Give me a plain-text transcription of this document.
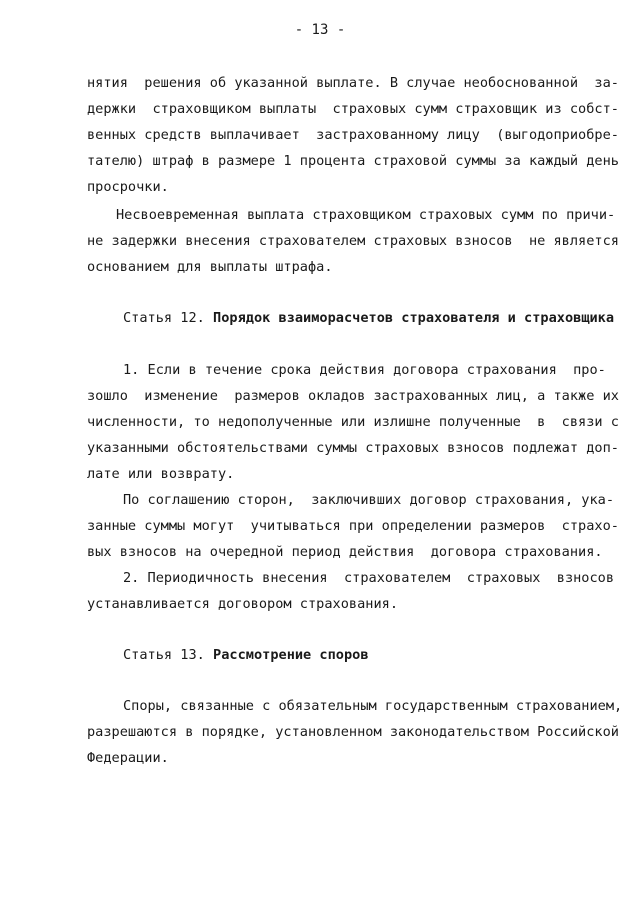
- 13 -
нятия  решения об указанной выплате. В случае необоснованной  за-
держки  страховщиком выплаты  страховых сумм страховщик из собст-
венных средств выплачивает  застрахованному лицу  (выгодоприобре-
тателю) штраф в размере 1 процента страховой суммы за каждый день
просрочки.
Несвоевременная выплата страховщиком страховых сумм по причи-
не задержки внесения страхователем страховых взносов  не является
основанием для выплаты штрафа.
Статья 12. Порядок взаиморасчетов страхователя и страховщика
1. Если в течение срока действия договора страхования  про-
зошло  изменение  размеров окладов застрахованных лиц, а также их
численности, то недополученные или излишне полученные  в  связи с
указанными обстоятельствами суммы страховых взносов подлежат доп-
лате или возврату.
По соглашению сторон,  заключивших договор страхования, ука-
занные суммы могут  учитываться при определении размеров  страхо-
вых взносов на очередной период действия  договора страхования.
2. Периодичность внесения  страхователем  страховых  взносов
устанавливается договором страхования.
Статья 13. Рассмотрение споров
Споры, связанные с обязательным государственным страхованием,
разрешаются в порядке, установленном законодательством Российской
Федерации.
